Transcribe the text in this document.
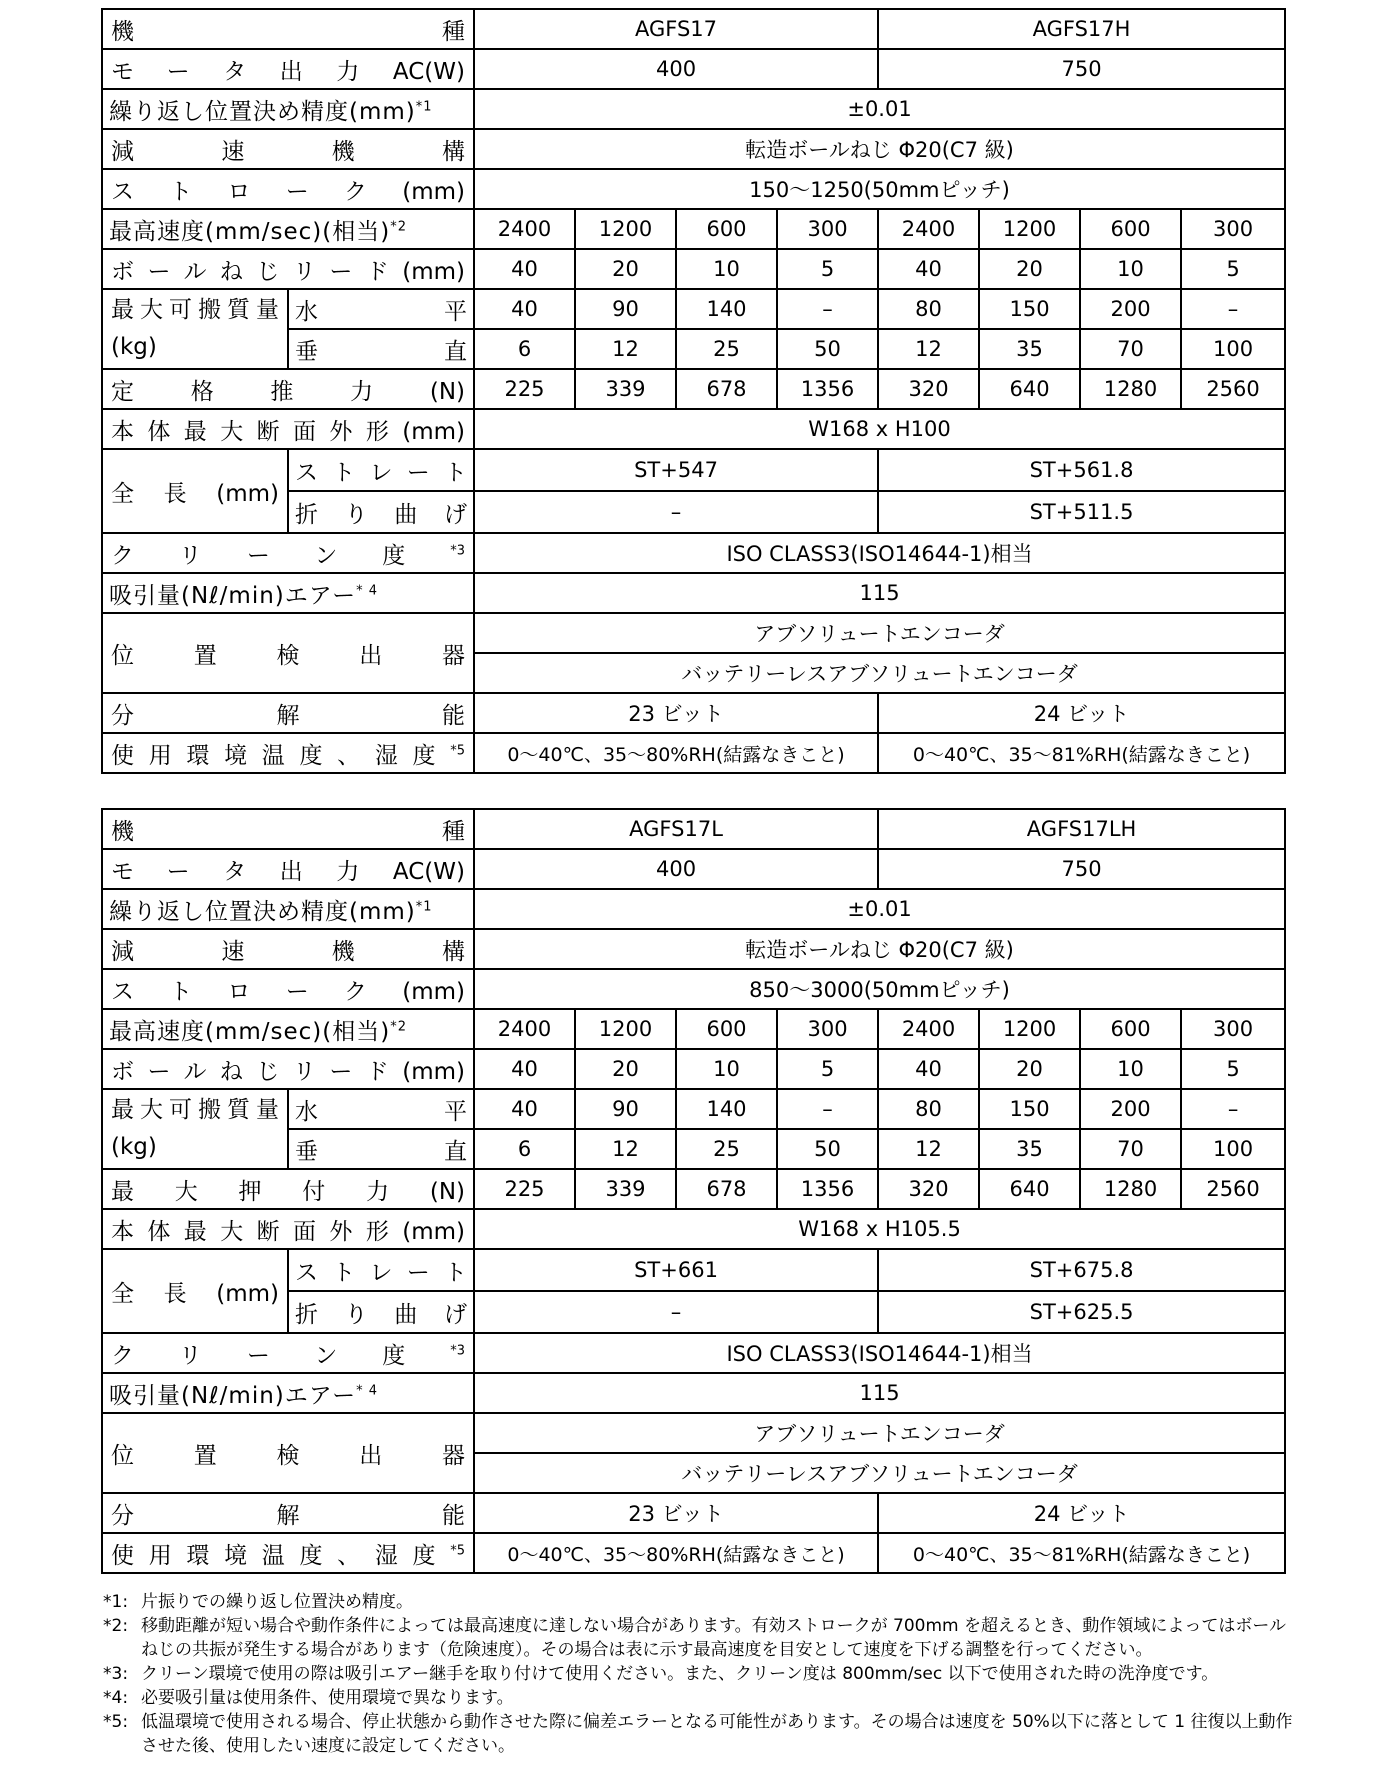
機種		AGFS17				AGFS17H			
モータ出力AC(W)		400				750			
繰り返し位置決め精度(mm)$^{*1}$		±0.01							
減速機構		転造ボールねじ Φ20(C7 級)							
ストローク(mm)		150～1250(50mmピッチ)							
最高速度(mm/sec)(相当)$^{*2}$		2400	1200	600	300	2400	1200	600	300
ボールねじリード(mm)		40	20	10	5	40	20	10	5

最大可搬質量
(kg)	水平	40	90	140	–	80	150	200	–
	垂直	6	12	25	50	12	35	70	100
定格推力(N)		225	339	678	1356	320	640	1280	2560
本体最大断面外形(mm)		W168 x H100							
全長(mm)	ストレート	ST+547				ST+561.8			
	折り曲げ	–				ST+511.5			
クリーン度$^{*3}$		ISO CLASS3(ISO14644-1)相当							
吸引量(Nℓ/min)エアー$^{* 4}$		115							
位置検出器		アブソリュートエンコーダ							
		バッテリーレスアブソリュートエンコーダ							
分解能		23 ビット				24 ビット			
使用環境温度、湿度$^{*5}$		0～40℃、35～80%RH(結露なきこと)				0～40℃、35～81%RH(結露なきこと)			
機種		AGFS17L				AGFS17LH			
モータ出力AC(W)		400				750			
繰り返し位置決め精度(mm)$^{*1}$		±0.01							
減速機構		転造ボールねじ Φ20(C7 級)							
ストローク(mm)		850～3000(50mmピッチ)							
最高速度(mm/sec)(相当)$^{*2}$		2400	1200	600	300	2400	1200	600	300
ボールねじリード(mm)		40	20	10	5	40	20	10	5

最大可搬質量
(kg)	水平	40	90	140	–	80	150	200	–
	垂直	6	12	25	50	12	35	70	100
最大押付力(N)		225	339	678	1356	320	640	1280	2560
本体最大断面外形(mm)		W168 x H105.5							
全長(mm)	ストレート	ST+661				ST+675.8			
	折り曲げ	–				ST+625.5			
クリーン度$^{*3}$		ISO CLASS3(ISO14644-1)相当							
吸引量(Nℓ/min)エアー$^{* 4}$		115							
位置検出器		アブソリュートエンコーダ							
		バッテリーレスアブソリュートエンコーダ							
分解能		23 ビット				24 ビット			
使用環境温度、湿度$^{*5}$		0～40℃、35～80%RH(結露なきこと)				0～40℃、35～81%RH(結露なきこと)			
*1: 片振りでの繰り返し位置決め精度。
*2: 移動距離が短い場合や動作条件によっては最高速度に達しない場合があります。有効ストロークが 700mm を超えるとき、動作領域によってはボールねじの共振が発生する場合があります（危険速度）。その場合は表に示す最高速度を目安として速度を下げる調整を行ってください。
*3: クリーン環境で使用の際は吸引エアー継手を取り付けて使用ください。また、クリーン度は 800mm/sec 以下で使用された時の洗浄度です。
*4: 必要吸引量は使用条件、使用環境で異なります。
*5: 低温環境で使用される場合、停止状態から動作させた際に偏差エラーとなる可能性があります。その場合は速度を 50%以下に落として 1 往復以上動作させた後、使用したい速度に設定してください。
